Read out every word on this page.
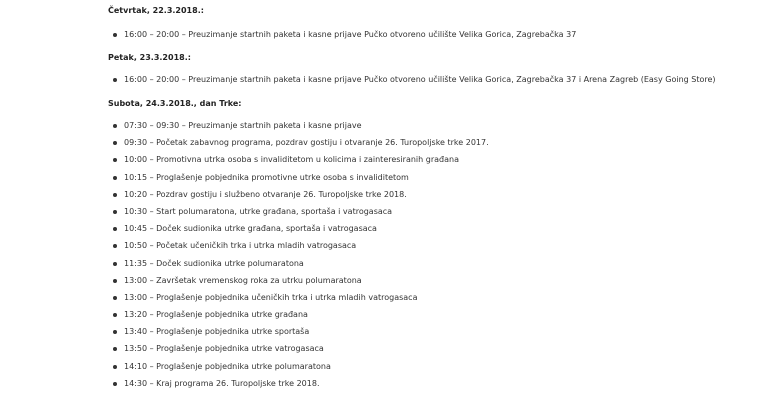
Četvrtak, 22.3.2018.:

16:00 – 20:00 – Preuzimanje startnih paketa i kasne prijave Pučko otvoreno učilište Velika Gorica, Zagrebačka 37

Petak, 23.3.2018.:

16:00 – 20:00 – Preuzimanje startnih paketa i kasne prijave Pučko otvoreno učilište Velika Gorica, Zagrebačka 37 i Arena Zagreb (Easy Going Store)

Subota, 24.3.2018., dan Trke:

07:30 – 09:30 – Preuzimanje startnih paketa i kasne prijave
09:30 – Početak zabavnog programa, pozdrav gostiju i otvaranje 26. Turopoljske trke 2017.
10:00 – Promotivna utrka osoba s invaliditetom u kolicima i zainteresiranih građana
10:15 – Proglašenje pobjednika promotivne utrke osoba s invaliditetom
10:20 – Pozdrav gostiju i službeno otvaranje 26. Turopoljske trke 2018.
10:30 – Start polumaratona, utrke građana, sportaša i vatrogasaca
10:45 – Doček sudionika utrke građana, sportaša i vatrogasaca
10:50 – Početak učeničkih trka i utrka mladih vatrogasaca
11:35 – Doček sudionika utrke polumaratona
13:00 – Završetak vremenskog roka za utrku polumaratona
13:00 – Proglašenje pobjednika učeničkih trka i utrka mladih vatrogasaca
13:20 – Proglašenje pobjednika utrke građana
13:40 – Proglašenje pobjednika utrke sportaša
13:50 – Proglašenje pobjednika utrke vatrogasaca
14:10 – Proglašenje pobjednika utrke polumaratona
14:30 – Kraj programa 26. Turopoljske trke 2018.
